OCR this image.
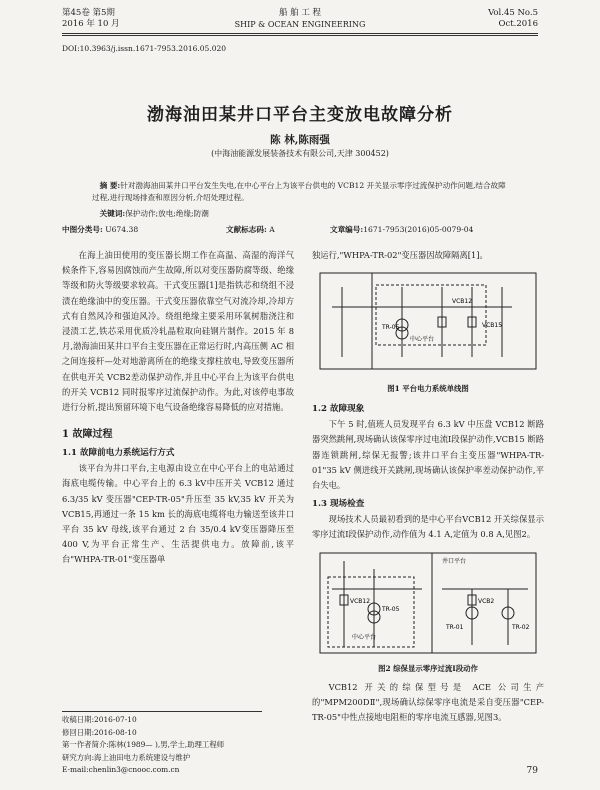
第45卷 第5期
2016 年 10 月
船 舶 工 程
SHIP & OCEAN ENGINEERING
Vol.45 No.5
Oct.2016
DOI:10.3963/j.issn.1671-7953.2016.05.020
渤海油田某井口平台主变放电故障分析
陈 林,陈雨强
(中海油能源发展装备技术有限公司,天津 300452)
摘 要:针对渤海油田某井口平台发生失电,在中心平台上为该平台供电的 VCB12 开关显示零序过流保护动作问题,结合故障过程,进行现场排查和原因分析,介绍处理过程。
关键词:保护动作;放电;绝缘;防潮
中图分类号: U674.38	文献标志码: A	文章编号:1671-7953(2016)05-0079-04

在海上油田使用的变压器长期工作在高温、高湿的海洋气候条件下,容易因腐蚀而产生故障,所以对变压器防腐等级、绝缘等级和防火等级要求较高。干式变压器[1]是指铁芯和绕组不浸渍在绝缘油中的变压器。干式变压器依靠空气对流冷却,冷却方式有自然风冷和强迫风冷。绕组绝缘主要采用环氧树脂浇注和浸渍工艺,铁芯采用优质冷轧晶粒取向硅钢片制作。2015 年 8 月,渤海油田某井口平台主变压器在正常运行时,内高压侧 AC 相之间连接杆—处对地游离所在的绝缘支撑柱放电,导致变压器所在供电开关 VCB2差动保护动作,并且中心平台上为该平台供电的开关 VCB12 同时报零序过流保护动作。为此,对该停电事故进行分析,提出预留环境下电气设备绝缘容易降低的应对措施。

1 故障过程
1.1 故障前电力系统运行方式

该平台为井口平台,主电源由设立在中心平台上的电站通过海底电缆传输。中心平台上的 6.3 kV中压开关 VCB12 通过 6.3/35 kV 变压器"CEP-TR-05"升压至 35 kV,35 kV 开关为 VCB15,再通过一条 15 km 长的海底电缆将电力输送至该井口平台 35 kV 母线,该平台通过 2 台 35/0.4 kV变压器降压至 400 V,为平台正常生产、生活提供电力。放障前,该平台"WHPA-TR-01"变压器单

收稿日期:2016-07-10
修回日期:2016-08-10
第一作者简介:陈林(1989— ),男,学士,助理工程师
研究方向:海上油田电力系统建设与维护
E-mail:chenlin3@cnooc.com.cn

独运行,"WHPA-TR-02"变压器因故障隔离[1]。

VCB12
TR-05
中心平台
VCB15
图1 平台电力系统单线图
1.2 故障现象

下午 5 时,值班人员发现平台 6.3 kV 中压盘 VCB12 断路器突然跳闸,现场确认该保零序过电流Ⅰ段保护动作,VCB15 断路器连锁跳闸,综保无报警;该井口平台主变压器"WHPA-TR-01"35 kV 侧进线开关跳闸,现场确认该保护率差动保护动作,平台失电。

1.3 现场检查

现场技术人员最初看到的是中心平台VCB12 开关综保显示零序过流Ⅰ段保护动作,动作值为 4.1 A,定值为 0.8 A,见图2。

井口平台
VCB2
VCB12
TR-05
中心平台
TR-01	TR-02
图2 综保显示零序过流Ⅰ段动作

VCB12 开关的综保型号是 ACE 公司生产的"MPM200DⅡ",现场确认综保零序电流是采自变压器"CEP-TR-05"中性点接地电阻柜的零序电流互感器,见图3。

79
